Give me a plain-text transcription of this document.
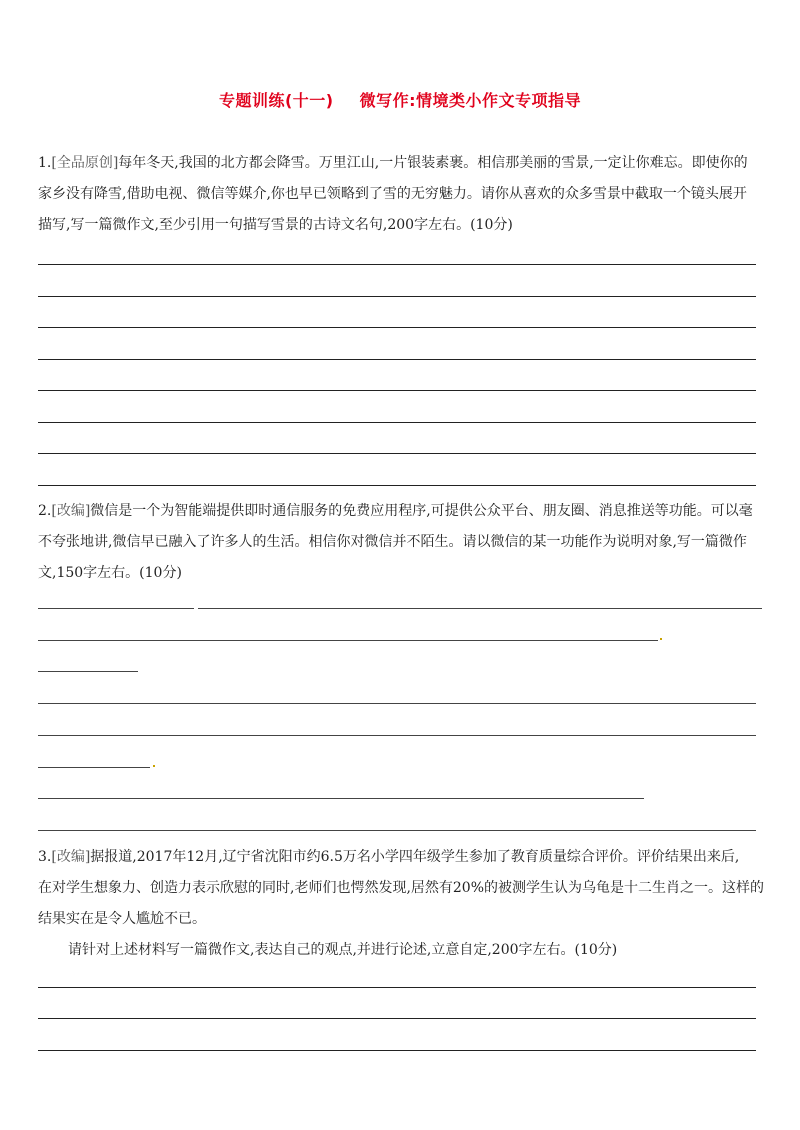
专题训练(十一) 微写作:情境类小作文专项指导
1.[全品原创]每年冬天,我国的北方都会降雪。万里江山,一片银装素裹。相信那美丽的雪景,一定让你难忘。即使你的
家乡没有降雪,借助电视、微信等媒介,你也早已领略到了雪的无穷魅力。请你从喜欢的众多雪景中截取一个镜头展开
描写,写一篇微作文,至少引用一句描写雪景的古诗文名句,200字左右。(10分)
2.[改编]微信是一个为智能端提供即时通信服务的免费应用程序,可提供公众平台、朋友圈、消息推送等功能。可以毫
不夸张地讲,微信早已融入了许多人的生活。相信你对微信并不陌生。请以微信的某一功能作为说明对象,写一篇微作
文,150字左右。(10分)
3.[改编]据报道,2017年12月,辽宁省沈阳市约6.5万名小学四年级学生参加了教育质量综合评价。评价结果出来后,
在对学生想象力、创造力表示欣慰的同时,老师们也愕然发现,居然有20%的被测学生认为乌龟是十二生肖之一。这样的
结果实在是令人尴尬不已。
请针对上述材料写一篇微作文,表达自己的观点,并进行论述,立意自定,200字左右。(10分)
